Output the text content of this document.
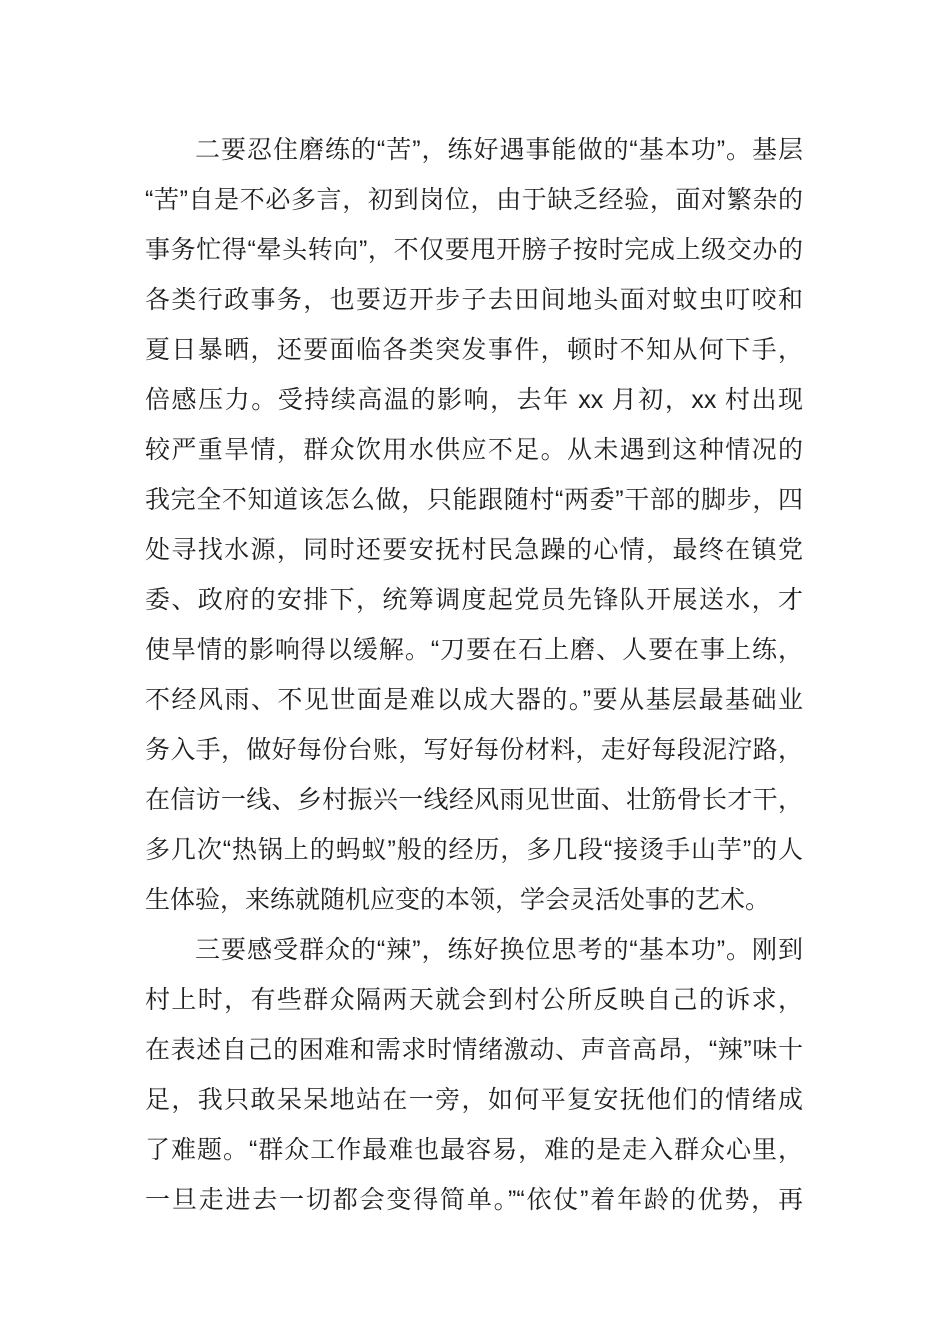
二要忍住磨练的“苦”，练好遇事能做的“基本功”。基层
“苦”自是不必多言，初到岗位，由于缺乏经验，面对繁杂的
事务忙得“晕头转向”，不仅要甩开膀子按时完成上级交办的
各类行政事务，也要迈开步子去田间地头面对蚊虫叮咬和
夏日暴晒，还要面临各类突发事件，顿时不知从何下手，
倍感压力。受持续高温的影响，去年 xx 月初，xx 村出现
较严重旱情，群众饮用水供应不足。从未遇到这种情况的
我完全不知道该怎么做，只能跟随村“两委”干部的脚步，四
处寻找水源，同时还要安抚村民急躁的心情，最终在镇党
委、政府的安排下，统筹调度起党员先锋队开展送水，才
使旱情的影响得以缓解。“刀要在石上磨、人要在事上练，
不经风雨、不见世面是难以成大器的。”要从基层最基础业
务入手，做好每份台账，写好每份材料，走好每段泥泞路，
在信访一线、乡村振兴一线经风雨见世面、壮筋骨长才干，
多几次“热锅上的蚂蚁”般的经历，多几段“接烫手山芋”的人
生体验，来练就随机应变的本领，学会灵活处事的艺术。
三要感受群众的“辣”，练好换位思考的“基本功”。刚到
村上时，有些群众隔两天就会到村公所反映自己的诉求，
在表述自己的困难和需求时情绪激动、声音高昂，“辣”味十
足，我只敢呆呆地站在一旁，如何平复安抚他们的情绪成
了难题。“群众工作最难也最容易，难的是走入群众心里，
一旦走进去一切都会变得简单。”“依仗”着年龄的优势，再
